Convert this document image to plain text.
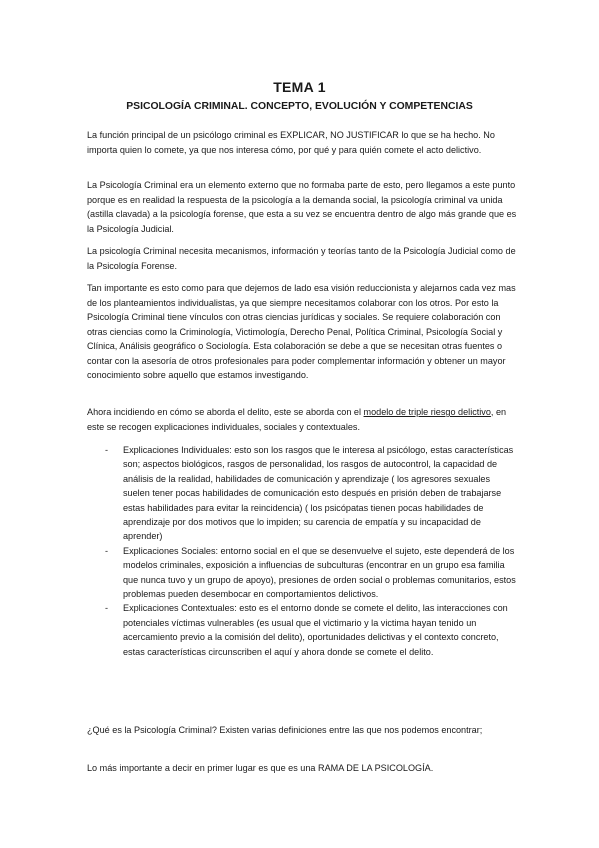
TEMA 1
PSICOLOGÍA CRIMINAL. CONCEPTO, EVOLUCIÓN Y COMPETENCIAS
La función principal de un psicólogo criminal es EXPLICAR, NO JUSTIFICAR lo que se ha hecho. No importa quien lo comete, ya que nos interesa cómo, por qué y para quién comete el acto delictivo.
La Psicología Criminal era un elemento externo que no formaba parte de esto, pero llegamos a este punto porque es en realidad la respuesta de la psicología a la demanda social, la psicología criminal va unida (astilla clavada) a la psicología forense, que esta a su vez se encuentra dentro de algo más grande que es la Psicología Judicial.
La psicología Criminal necesita mecanismos, información y teorías tanto de la Psicología Judicial como de la Psicología Forense.
Tan importante es esto como para que dejemos de lado esa visión reduccionista y alejarnos cada vez mas de los planteamientos individualistas, ya que siempre necesitamos colaborar con los otros. Por esto la Psicología Criminal tiene vínculos con otras ciencias jurídicas y sociales. Se requiere colaboración con otras ciencias como la Criminología, Victimología, Derecho Penal, Política Criminal, Psicología Social y Clínica, Análisis geográfico o Sociología. Esta colaboración se debe a que se necesitan otras fuentes o contar con la asesoría de otros profesionales para poder complementar información y obtener un mayor conocimiento sobre aquello que estamos investigando.
Ahora incidiendo en cómo se aborda el delito, este se aborda con el modelo de triple riesgo delictivo, en este se recogen explicaciones individuales, sociales y contextuales.
- Explicaciones Individuales: esto son los rasgos que le interesa al psicólogo, estas características son; aspectos biológicos, rasgos de personalidad, los rasgos de autocontrol, la capacidad de análisis de la realidad, habilidades de comunicación y aprendizaje ( los agresores sexuales suelen tener pocas habilidades de comunicación esto después en prisión deben de trabajarse estas habilidades para evitar la reincidencia) ( los psicópatas tienen pocas habilidades de aprendizaje por dos motivos que lo impiden; su carencia de empatía y su incapacidad de aprender)
- Explicaciones Sociales: entorno social en el que se desenvuelve el sujeto, este dependerá de los modelos criminales, exposición a influencias de subculturas (encontrar en un grupo esa familia que nunca tuvo y un grupo de apoyo), presiones de orden social o problemas comunitarios, estos problemas pueden desembocar en comportamientos delictivos.
- Explicaciones Contextuales: esto es el entorno donde se comete el delito, las interacciones con potenciales víctimas vulnerables (es usual que el victimario y la victima hayan tenido un acercamiento previo a la comisión del delito), oportunidades delictivas y el contexto concreto, estas características circunscriben el aquí y ahora donde se comete el delito.
¿Qué es la Psicología Criminal? Existen varias definiciones entre las que nos podemos encontrar;
Lo más importante a decir en primer lugar es que es una RAMA DE LA PSICOLOGÍA.
